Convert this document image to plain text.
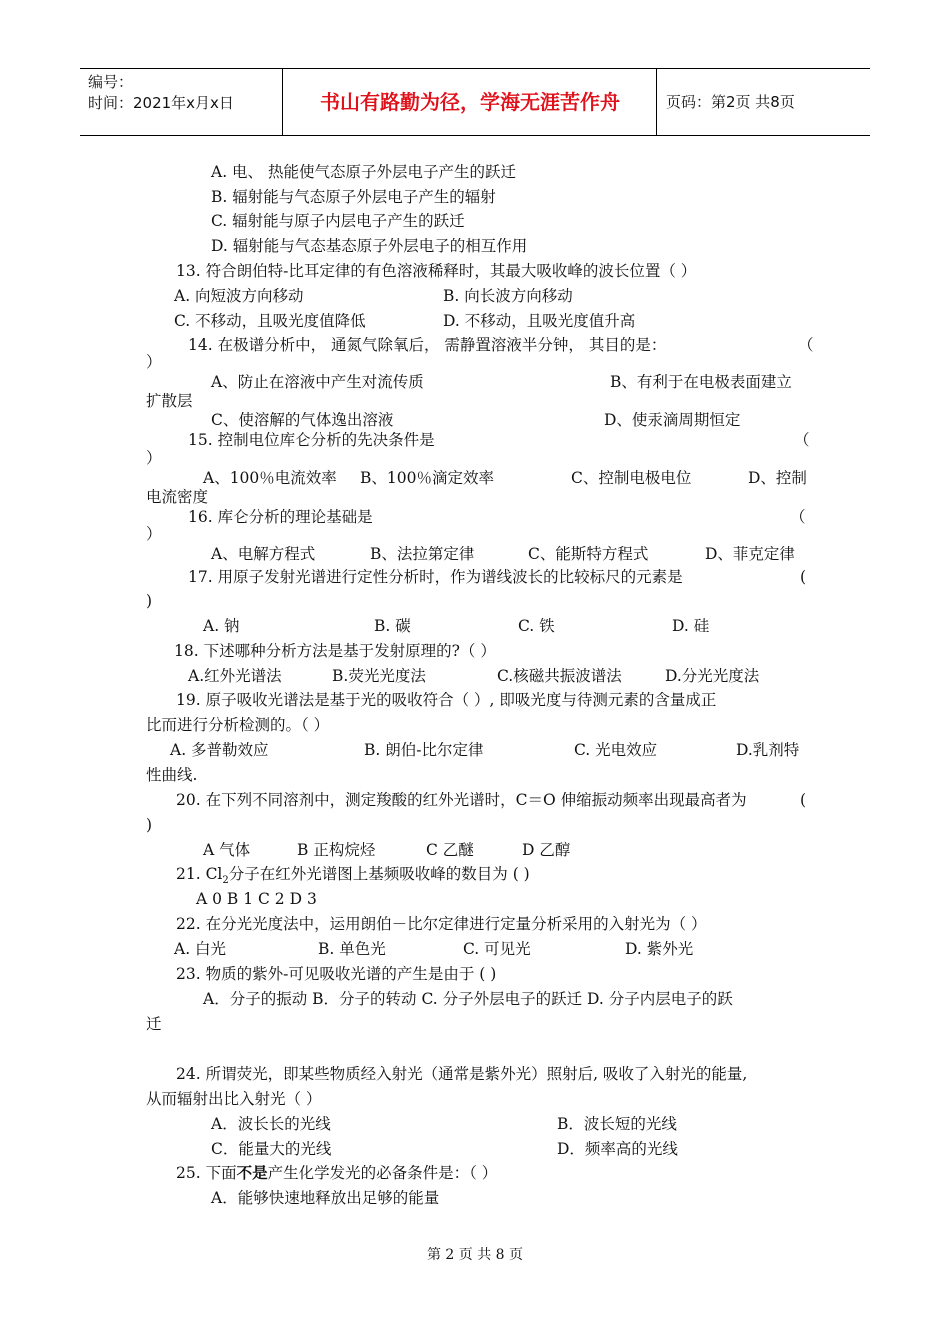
编号：
时间：2021年x月x日	书山有路勤为径，学海无涯苦作舟	页码：第2页 共8页
A. 电、 热能使气态原子外层电子产生的跃迁
B. 辐射能与气态原子外层电子产生的辐射
C. 辐射能与原子内层电子产生的跃迁
D. 辐射能与气态基态原子外层电子的相互作用
13. 符合朗伯特-比耳定律的有色溶液稀释时，其最大吸收峰的波长位置（ ）
A. 向短波方向移动	B. 向长波方向移动
C. 不移动，且吸光度值降低	D. 不移动，且吸光度值升高
14. 在极谱分析中， 通氮气除氧后， 需静置溶液半分钟， 其目的是：	（
）
A、防止在溶液中产生对流传质	B、有利于在电极表面建立
扩散层
C、使溶解的气体逸出溶液	D、使汞滴周期恒定
15. 控制电位库仑分析的先决条件是	（
）
A、100％电流效率 B、100％滴定效率	C、控制电极电位	D、控制
电流密度
16. 库仑分析的理论基础是	（
）
A、电解方程式	B、法拉第定律	C、能斯特方程式	D、菲克定律
17. 用原子发射光谱进行定性分析时，作为谱线波长的比较标尺的元素是	(
)
A. 钠	B. 碳	C. 铁	D. 硅
18. 下述哪种分析方法是基于发射原理的?（ ）
A.红外光谱法	B.荧光光度法	C.核磁共振波谱法	D.分光光度法
19. 原子吸收光谱法是基于光的吸收符合（ ）, 即吸光度与待测元素的含量成正
比而进行分析检测的。（ ）
A. 多普勒效应	B. 朗伯-比尔定律	C. 光电效应	D.乳剂特
性曲线.
20. 在下列不同溶剂中，测定羧酸的红外光谱时，C＝O 伸缩振动频率出现最高者为	(
)
A 气体	B 正构烷烃	C 乙醚	D 乙醇
21. $Cl_2$分子在红外光谱图上基频吸收峰的数目为 ( )
A 0 B 1 C 2 D 3
22. 在分光光度法中，运用朗伯－比尔定律进行定量分析采用的入射光为（ ）
A. 白光	B. 单色光	C. 可见光	D. 紫外光
23. 物质的紫外-可见吸收光谱的产生是由于 ( )
A．分子的振动 B．分子的转动 C. 分子外层电子的跃迁 D. 分子内层电子的跃
迁
24. 所谓荧光，即某些物质经入射光（通常是紫外光）照射后, 吸收了入射光的能量,
从而辐射出比入射光（ ）
A．波长长的光线	B．波长短的光线
C．能量大的光线	D．频率高的光线
25. 下面不是产生化学发光的必备条件是：（ ）
A．能够快速地释放出足够的能量
第 2 页 共 8 页
